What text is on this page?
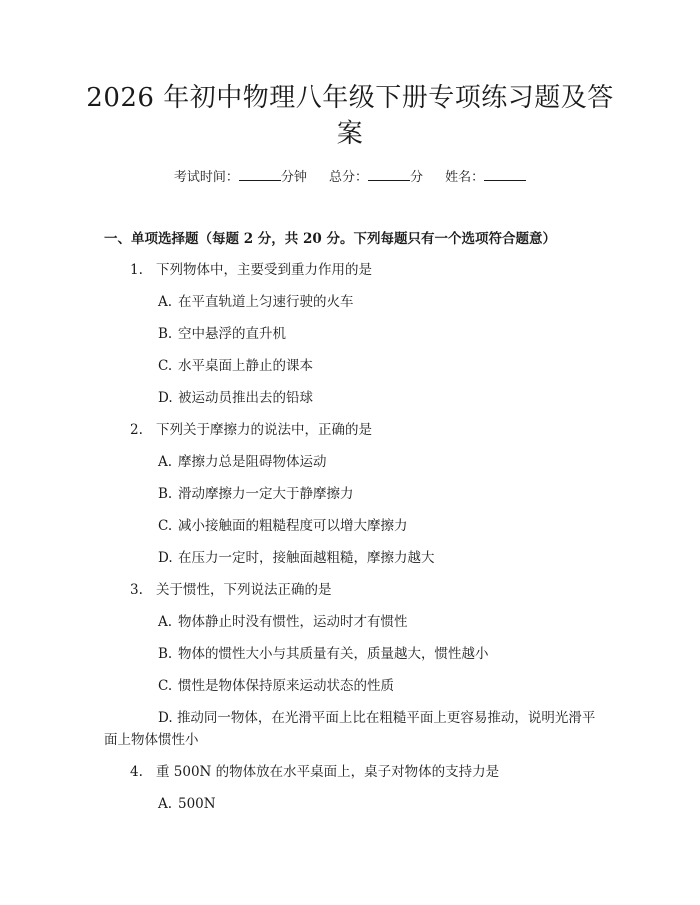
2026 年初中物理八年级下册专项练习题及答案
考试时间：	分钟 总分：	分 姓名：

一、单项选择题（每题 2 分，共 20 分。下列每题只有一个选项符合题意）

1. 下列物体中，主要受到重力作用的是

A. 在平直轨道上匀速行驶的火车

B. 空中悬浮的直升机

C. 水平桌面上静止的课本

D. 被运动员推出去的铅球

2. 下列关于摩擦力的说法中，正确的是

A. 摩擦力总是阻碍物体运动

B. 滑动摩擦力一定大于静摩擦力

C. 减小接触面的粗糙程度可以增大摩擦力

D. 在压力一定时，接触面越粗糙，摩擦力越大

3. 关于惯性，下列说法正确的是

A. 物体静止时没有惯性，运动时才有惯性

B. 物体的惯性大小与其质量有关，质量越大，惯性越小

C. 惯性是物体保持原来运动状态的性质

D. 推动同一物体，在光滑平面上比在粗糙平面上更容易推动，说明光滑平面上物体惯性小

4. 重 500N 的物体放在水平桌面上，桌子对物体的支持力是

A. 500N
